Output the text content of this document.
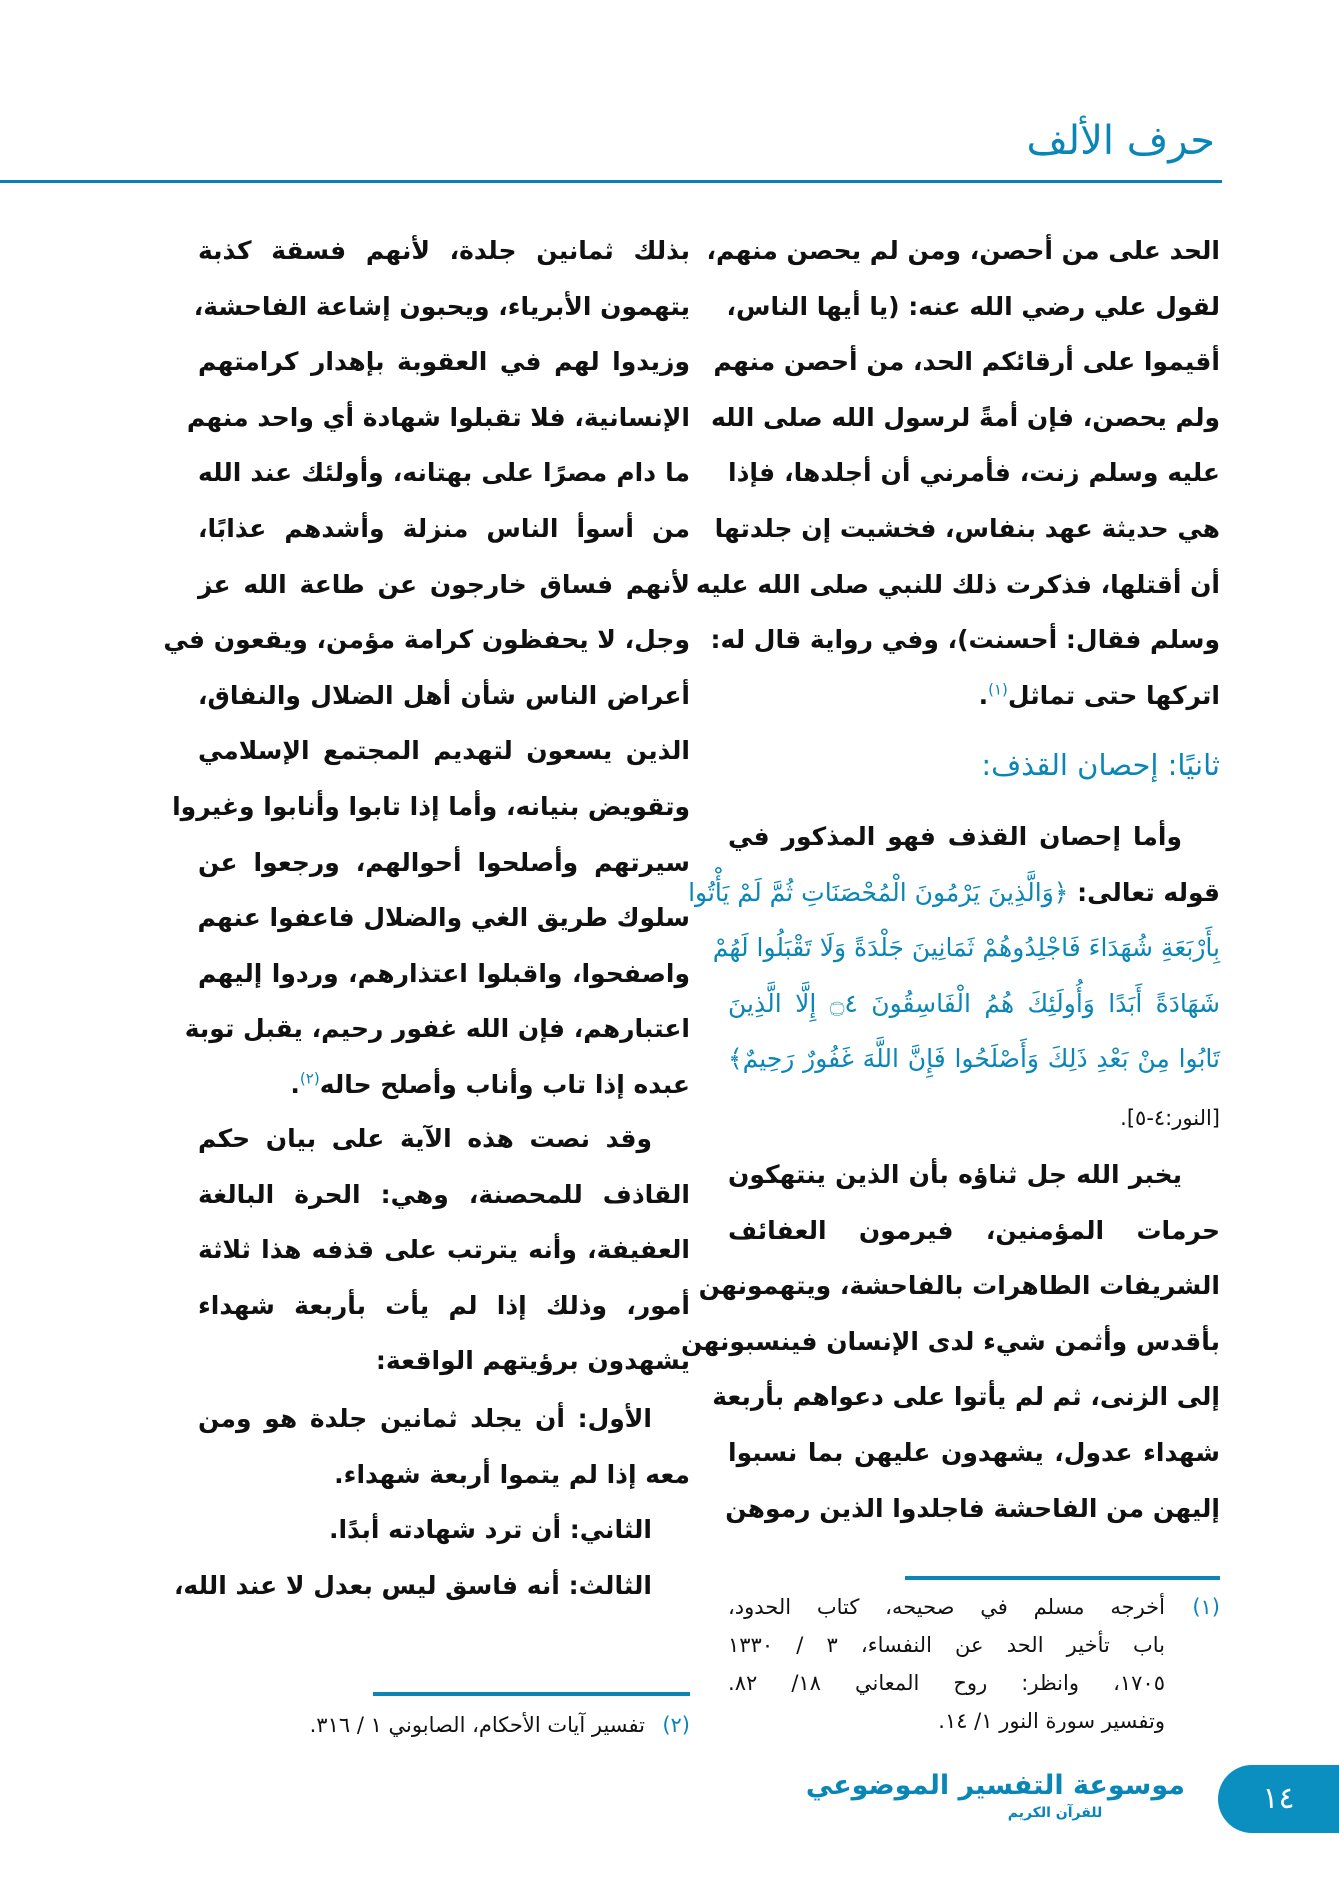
حرف الألف
الحد على من أحصن، ومن لم يحصن منهم،
لقول علي رضي الله عنه: (يا أيها الناس،
أقيموا على أرقائكم الحد، من أحصن منهم
ولم يحصن، فإن أمةً لرسول الله صلى الله
عليه وسلم زنت، فأمرني أن أجلدها، فإذا
هي حديثة عهد بنفاس، فخشيت إن جلدتها
أن أقتلها، فذكرت ذلك للنبي صلى الله عليه
وسلم فقال: أحسنت)، وفي رواية قال له:
اتركها حتى تماثل$^{(١)}$.
ثانيًا: إحصان القذف:
وأما إحصان القذف فهو المذكور في
قوله تعالى: ﴿وَالَّذِينَ يَرْمُونَ الْمُحْصَنَاتِ ثُمَّ لَمْ يَأْتُوا
بِأَرْبَعَةِ شُهَدَاءَ فَاجْلِدُوهُمْ ثَمَانِينَ جَلْدَةً وَلَا تَقْبَلُوا لَهُمْ
شَهَادَةً أَبَدًا وَأُولَئِكَ هُمُ الْفَاسِقُونَ ۝٤ إِلَّا الَّذِينَ
تَابُوا مِنْ بَعْدِ ذَلِكَ وَأَصْلَحُوا فَإِنَّ اللَّهَ غَفُورٌ رَحِيمٌ﴾
[النور:٤-٥].
يخبر الله جل ثناؤه بأن الذين ينتهكون
حرمات المؤمنين، فيرمون العفائف
الشريفات الطاهرات بالفاحشة، ويتهمونهن
بأقدس وأثمن شيء لدى الإنسان فينسبونهن
إلى الزنى، ثم لم يأتوا على دعواهم بأربعة
شهداء عدول، يشهدون عليهن بما نسبوا
إليهن من الفاحشة فاجلدوا الذين رموهن
بذلك ثمانين جلدة، لأنهم فسقة كذبة
يتهمون الأبرياء، ويحبون إشاعة الفاحشة،
وزيدوا لهم في العقوبة بإهدار كرامتهم
الإنسانية، فلا تقبلوا شهادة أي واحد منهم
ما دام مصرًا على بهتانه، وأولئك عند الله
من أسوأ الناس منزلة وأشدهم عذابًا،
لأنهم فساق خارجون عن طاعة الله عز
وجل، لا يحفظون كرامة مؤمن، ويقعون في
أعراض الناس شأن أهل الضلال والنفاق،
الذين يسعون لتهديم المجتمع الإسلامي
وتقويض بنيانه، وأما إذا تابوا وأنابوا وغيروا
سيرتهم وأصلحوا أحوالهم، ورجعوا عن
سلوك طريق الغي والضلال فاعفوا عنهم
واصفحوا، واقبلوا اعتذارهم، وردوا إليهم
اعتبارهم، فإن الله غفور رحيم، يقبل توبة
عبده إذا تاب وأناب وأصلح حاله$^{(٢)}$.
وقد نصت هذه الآية على بيان حكم
القاذف للمحصنة، وهي: الحرة البالغة
العفيفة، وأنه يترتب على قذفه هذا ثلاثة
أمور، وذلك إذا لم يأت بأربعة شهداء
يشهدون برؤيتهم الواقعة:
الأول: أن يجلد ثمانين جلدة هو ومن
معه إذا لم يتموا أربعة شهداء.
الثاني: أن ترد شهادته أبدًا.
الثالث: أنه فاسق ليس بعدل لا عند الله،
(١)
أخرجه مسلم في صحيحه، كتاب الحدود،
باب تأخير الحد عن النفساء، ٣ / ١٣٣٠
١٧٠٥، وانظر: روح المعاني ١٨/ ٨٢.
وتفسير سورة النور ١/ ١٤.
(٢)
تفسير آيات الأحكام، الصابوني ١ / ٣١٦.
موسوعة التفسير الموضوعي
للقرآن الكريم	١٤
